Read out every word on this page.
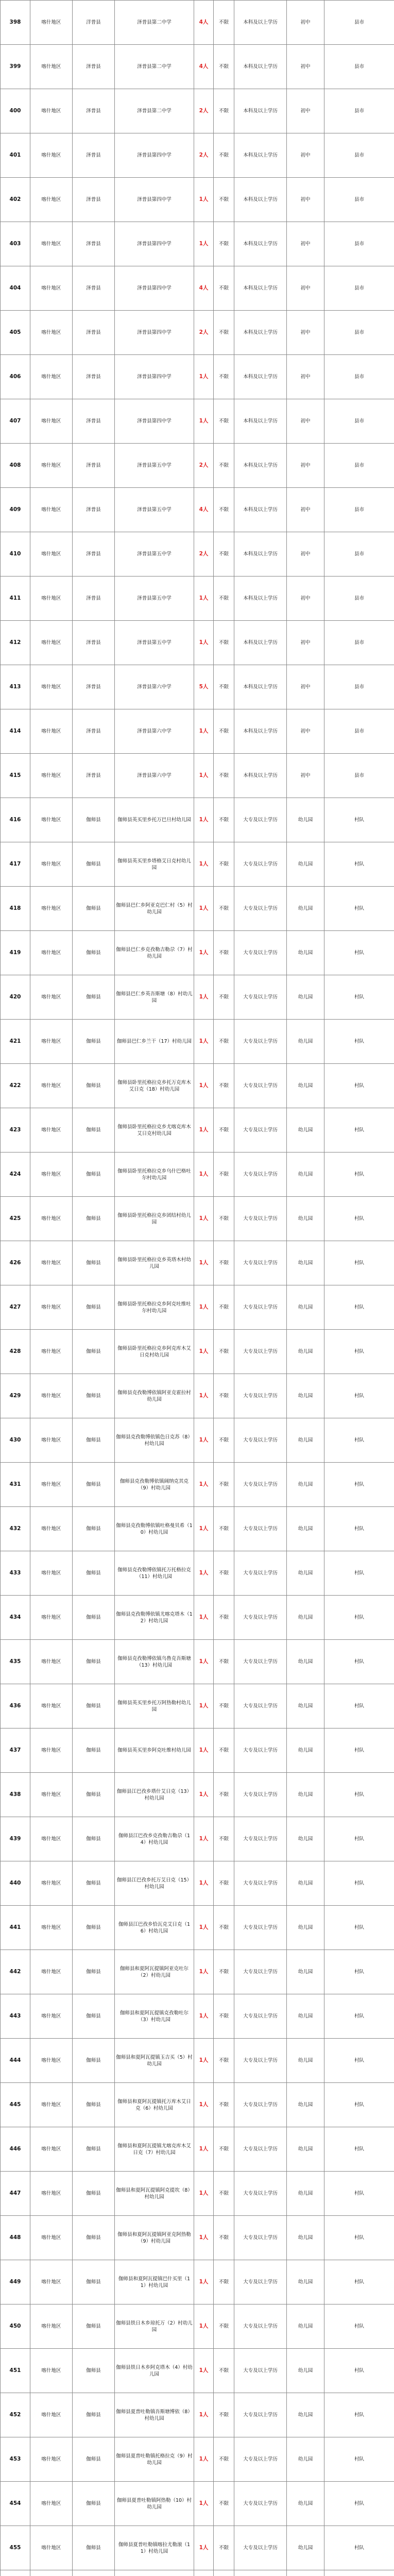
398	喀什地区	洋普县	泽普县第二中学	4人	不限	本科及以上学历	初中	县市
399	喀什地区	泽普县	泽普县第二中学	4人	不限	本科及以上学历	初中	县市
400	喀什地区	泽普县	泽普县第二中学	2人	不限	本科及以上学历	初中	县市
401	喀什地区	泽普县	泽普县第四中学	2人	不限	本科及以上学历	初中	县市
402	喀什地区	泽普县	泽普县第四中学	1人	不限	本科及以上学历	初中	县市
403	喀什地区	泽普县	泽普县第四中学	1人	不限	本科及以上学历	初中	县市
404	喀什地区	泽普县	泽普县第四中学	4人	不限	本科及以上学历	初中	县市
405	喀什地区	泽普县	泽普县第四中学	2人	不限	本科及以上学历	初中	县市
406	喀什地区	泽普县	泽普县第四中学	1人	不限	本科及以上学历	初中	县市
407	喀什地区	泽普县	泽普县第四中学	1人	不限	本科及以上学历	初中	县市
408	喀什地区	泽普县	泽普县第五中学	2人	不限	本科及以上学历	初中	县市
409	喀什地区	泽普县	泽普县第五中学	4人	不限	本科及以上学历	初中	县市
410	喀什地区	泽普县	泽普县第五中学	2人	不限	本科及以上学历	初中	县市
411	喀什地区	泽普县	泽普县第五中学	1人	不限	本科及以上学历	初中	县市
412	喀什地区	泽普县	泽普县第五中学	1人	不限	本科及以上学历	初中	县市
413	喀什地区	泽普县	泽普县第六中学	5人	不限	本科及以上学历	初中	县市
414	喀什地区	泽普县	泽普县第六中学	1人	不限	本科及以上学历	初中	县市
415	喀什地区	泽普县	泽普县第六中学	1人	不限	本科及以上学历	初中	县市
416	喀什地区	伽师县	伽师县英买里乡托万巴旦村幼儿园	1人	不限	大专及以上学历	幼儿园	村队
417	喀什地区	伽师县	伽师县英买里乡塔格艾日克村幼儿园	1人	不限	大专及以上学历	幼儿园	村队
418	喀什地区	伽师县	伽师县巴仁乡阿亚克巴仁村（5）村幼儿园	1人	不限	大专及以上学历	幼儿园	村队
419	喀什地区	伽师县	伽师县巴仁乡克孜勒吉勒尕（7）村幼儿园	1人	不限	大专及以上学历	幼儿园	村队
420	喀什地区	伽师县	伽师县巴仁乡英吾斯塘（8）村幼儿园	1人	不限	大专及以上学历	幼儿园	村队
421	喀什地区	伽师县	伽师县巴仁乡兰干（17）村幼儿园	1人	不限	大专及以上学历	幼儿园	村队
422	喀什地区	伽师县	伽师县卧里托格拉克乡托万克库木艾日克（18）村幼儿园	1人	不限	大专及以上学历	幼儿园	村队
423	喀什地区	伽师县	伽师县卧里托格拉克乡尤喀克库木艾日克村幼儿园	1人	不限	大专及以上学历	幼儿园	村队
424	喀什地区	伽师县	伽师县卧里托格拉克乡乌什巴格吐尔村幼儿园	1人	不限	大专及以上学历	幼儿园	村队
425	喀什地区	伽师县	伽师县卧里托格拉克乡团结村幼儿园	1人	不限	大专及以上学历	幼儿园	村队
426	喀什地区	伽师县	伽师县卧里托格拉克乡英塔木村幼儿园	1人	不限	大专及以上学历	幼儿园	村队
427	喀什地区	伽师县	伽师县卧里托格拉克乡阿克吐维吐尔村幼儿园	1人	不限	大专及以上学历	幼儿园	村队
428	喀什地区	伽师县	伽师县卧里托格拉克乡阿克库木艾日克村幼儿园	1人	不限	大专及以上学历	幼儿园	村队
429	喀什地区	伽师县	伽师县克孜勒博依镇阿亚克霍拉村幼儿园	1人	不限	大专及以上学历	幼儿园	村队
430	喀什地区	伽师县	伽师县克孜勒博依镇色日克苏（8）村幼儿园	1人	不限	大专及以上学历	幼儿园	村队
431	喀什地区	伽师县	伽师县克孜勒博依镇阔纳克其克（9）村幼儿园	1人	不限	大专及以上学历	幼儿园	村队
432	喀什地区	伽师县	伽师县克孜勒博依镇吐格曼贝希（10）村幼儿园	1人	不限	大专及以上学历	幼儿园	村队
433	喀什地区	伽师县	伽师县克孜勒博依镇托万托格拉克（11）村幼儿园	1人	不限	大专及以上学历	幼儿园	村队
434	喀什地区	伽师县	伽师县克孜勒博依镇尤喀克塔木（12）村幼儿园	1人	不限	大专及以上学历	幼儿园	村队
435	喀什地区	伽师县	伽师县克孜勒博依镇乌鲁克吾斯塘（13）村幼儿园	1人	不限	大专及以上学历	幼儿园	村队
436	喀什地区	伽师县	伽师县英买里乡托万阿热勒村幼儿园	1人	不限	大专及以上学历	幼儿园	村队
437	喀什地区	伽师县	伽师县英买里乡阿克吐维村幼儿园	1人	不限	大专及以上学历	幼儿园	村队
438	喀什地区	伽师县	伽师县江巴孜乡塔什艾日克（13）村幼儿园	1人	不限	大专及以上学历	幼儿园	村队
439	喀什地区	伽师县	伽师县江巴孜乡克孜勒吉勒尕（14）村幼儿园	1人	不限	大专及以上学历	幼儿园	村队
440	喀什地区	伽师县	伽师县江巴孜乡托万艾日克（15）村幼儿园	1人	不限	大专及以上学历	幼儿园	村队
441	喀什地区	伽师县	伽师县江巴孜乡恰瓦克艾日克（16）村幼儿园	1人	不限	大专及以上学历	幼儿园	村队
442	喀什地区	伽师县	伽师县和夏阿瓦提镇阿亚克吐尔（2）村幼儿园	1人	不限	大专及以上学历	幼儿园	村队
443	喀什地区	伽师县	伽师县和夏阿瓦提镇克孜勒吐尔（3）村幼儿园	1人	不限	大专及以上学历	幼儿园	村队
444	喀什地区	伽师县	伽师县和夏阿瓦提镇玉吉买（5）村幼儿园	1人	不限	大专及以上学历	幼儿园	村队
445	喀什地区	伽师县	伽师县和夏阿瓦提镇托万库木艾日克（6）村幼儿园	1人	不限	大专及以上学历	幼儿园	村队
446	喀什地区	伽师县	伽师县和夏阿瓦提镇尤喀克库木艾日克（7）村幼儿园	1人	不限	大专及以上学历	幼儿园	村队
447	喀什地区	伽师县	伽师县和夏阿瓦提镇阿克提坎（8）村幼儿园	1人	不限	大专及以上学历	幼儿园	村队
448	喀什地区	伽师县	伽师县和夏阿瓦提镇阿亚克阿热勒（9）村幼儿园	1人	不限	大专及以上学历	幼儿园	村队
449	喀什地区	伽师县	伽师县和夏阿瓦提镇巴什买里（11）村幼儿园	1人	不限	大专及以上学历	幼儿园	村队
450	喀什地区	伽师县	伽师县铁日木乡琼托万（2）村幼儿园	1人	不限	大专及以上学历	幼儿园	村队
451	喀什地区	伽师县	伽师县铁日木乡阿克塔木（4）村幼儿园	1人	不限	大专及以上学历	幼儿园	村队
452	喀什地区	伽师县	伽师县夏普吐勒镇吾斯塘博依（8）村幼儿园	1人	不限	大专及以上学历	幼儿园	村队
453	喀什地区	伽师县	伽师县夏普吐勒镇托格拉克（9）村幼儿园	1人	不限	大专及以上学历	幼儿园	村队
454	喀什地区	伽师县	伽师县夏普吐勒镇阿热勒（10）村幼儿园	1人	不限	大专及以上学历	幼儿园	村队
455	喀什地区	伽师县	伽师县夏普吐勒镇喀拉尤勒滚（11）村幼儿园	1人	不限	大专及以上学历	幼儿园	村队
